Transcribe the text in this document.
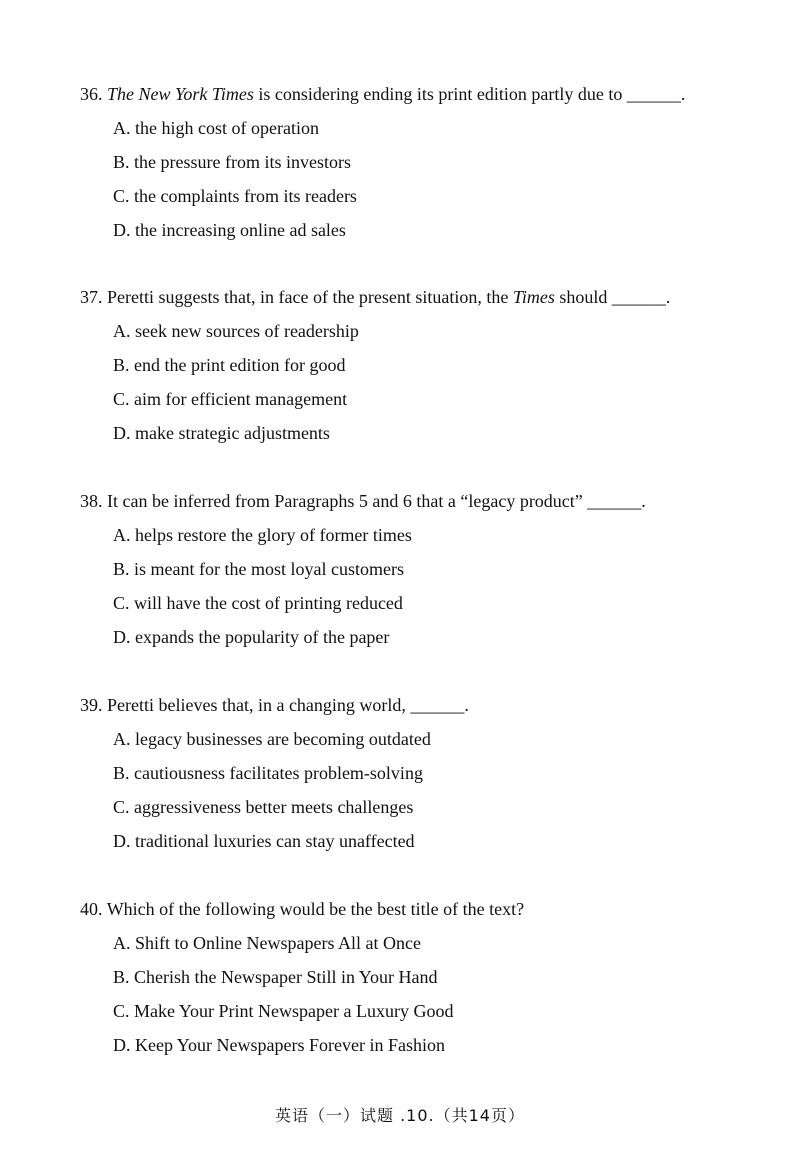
36. The New York Times is considering ending its print edition partly due to ______.
A. the high cost of operation
B. the pressure from its investors
C. the complaints from its readers
D. the increasing online ad sales
37. Peretti suggests that, in face of the present situation, the Times should ______.
A. seek new sources of readership
B. end the print edition for good
C. aim for efficient management
D. make strategic adjustments
38. It can be inferred from Paragraphs 5 and 6 that a “legacy product” ______.
A. helps restore the glory of former times
B. is meant for the most loyal customers
C. will have the cost of printing reduced
D. expands the popularity of the paper
39. Peretti believes that, in a changing world, ______.
A. legacy businesses are becoming outdated
B. cautiousness facilitates problem-solving
C. aggressiveness better meets challenges
D. traditional luxuries can stay unaffected
40. Which of the following would be the best title of the text?
A. Shift to Online Newspapers All at Once
B. Cherish the Newspaper Still in Your Hand
C. Make Your Print Newspaper a Luxury Good
D. Keep Your Newspapers Forever in Fashion
英语（一）试题 .10.（共14页）
